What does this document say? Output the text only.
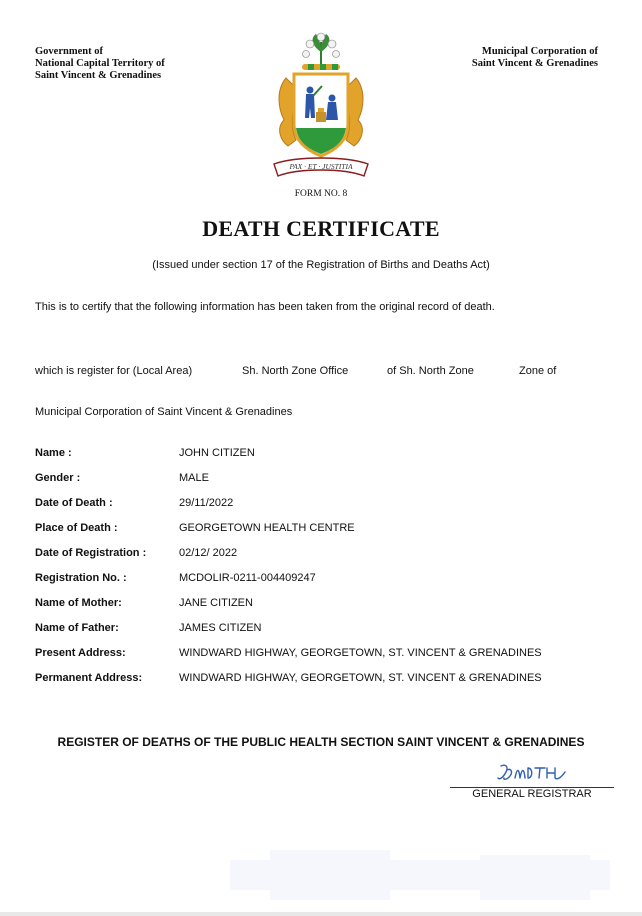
Government of
National Capital Territory of
Saint Vincent & Grenadines
Municipal Corporation of
Saint Vincent & Grenadines
PAX · ET · JUSTITIA
FORM NO. 8
DEATH CERTIFICATE
(Issued under section 17 of the Registration of Births and Deaths Act)
This is to certify that the following information has been taken from the original record of death.
which is register for (Local Area)	Sh. North Zone Office	of Sh. North Zone	Zone of
Municipal Corporation of Saint Vincent & Grenadines
Name :	JOHN CITIZEN
Gender :	MALE
Date of Death :	29/11/2022
Place of Death :	GEORGETOWN HEALTH CENTRE
Date of Registration :	02/12/ 2022
Registration No. :	MCDOLIR-0211-004409247
Name of Mother:	JANE CITIZEN
Name of Father:	JAMES CITIZEN
Present Address:	WINDWARD HIGHWAY, GEORGETOWN, ST. VINCENT & GRENADINES
Permanent Address:	WINDWARD HIGHWAY, GEORGETOWN, ST. VINCENT & GRENADINES
REGISTER OF DEATHS OF THE PUBLIC HEALTH SECTION SAINT VINCENT & GRENADINES
GENERAL REGISTRAR
